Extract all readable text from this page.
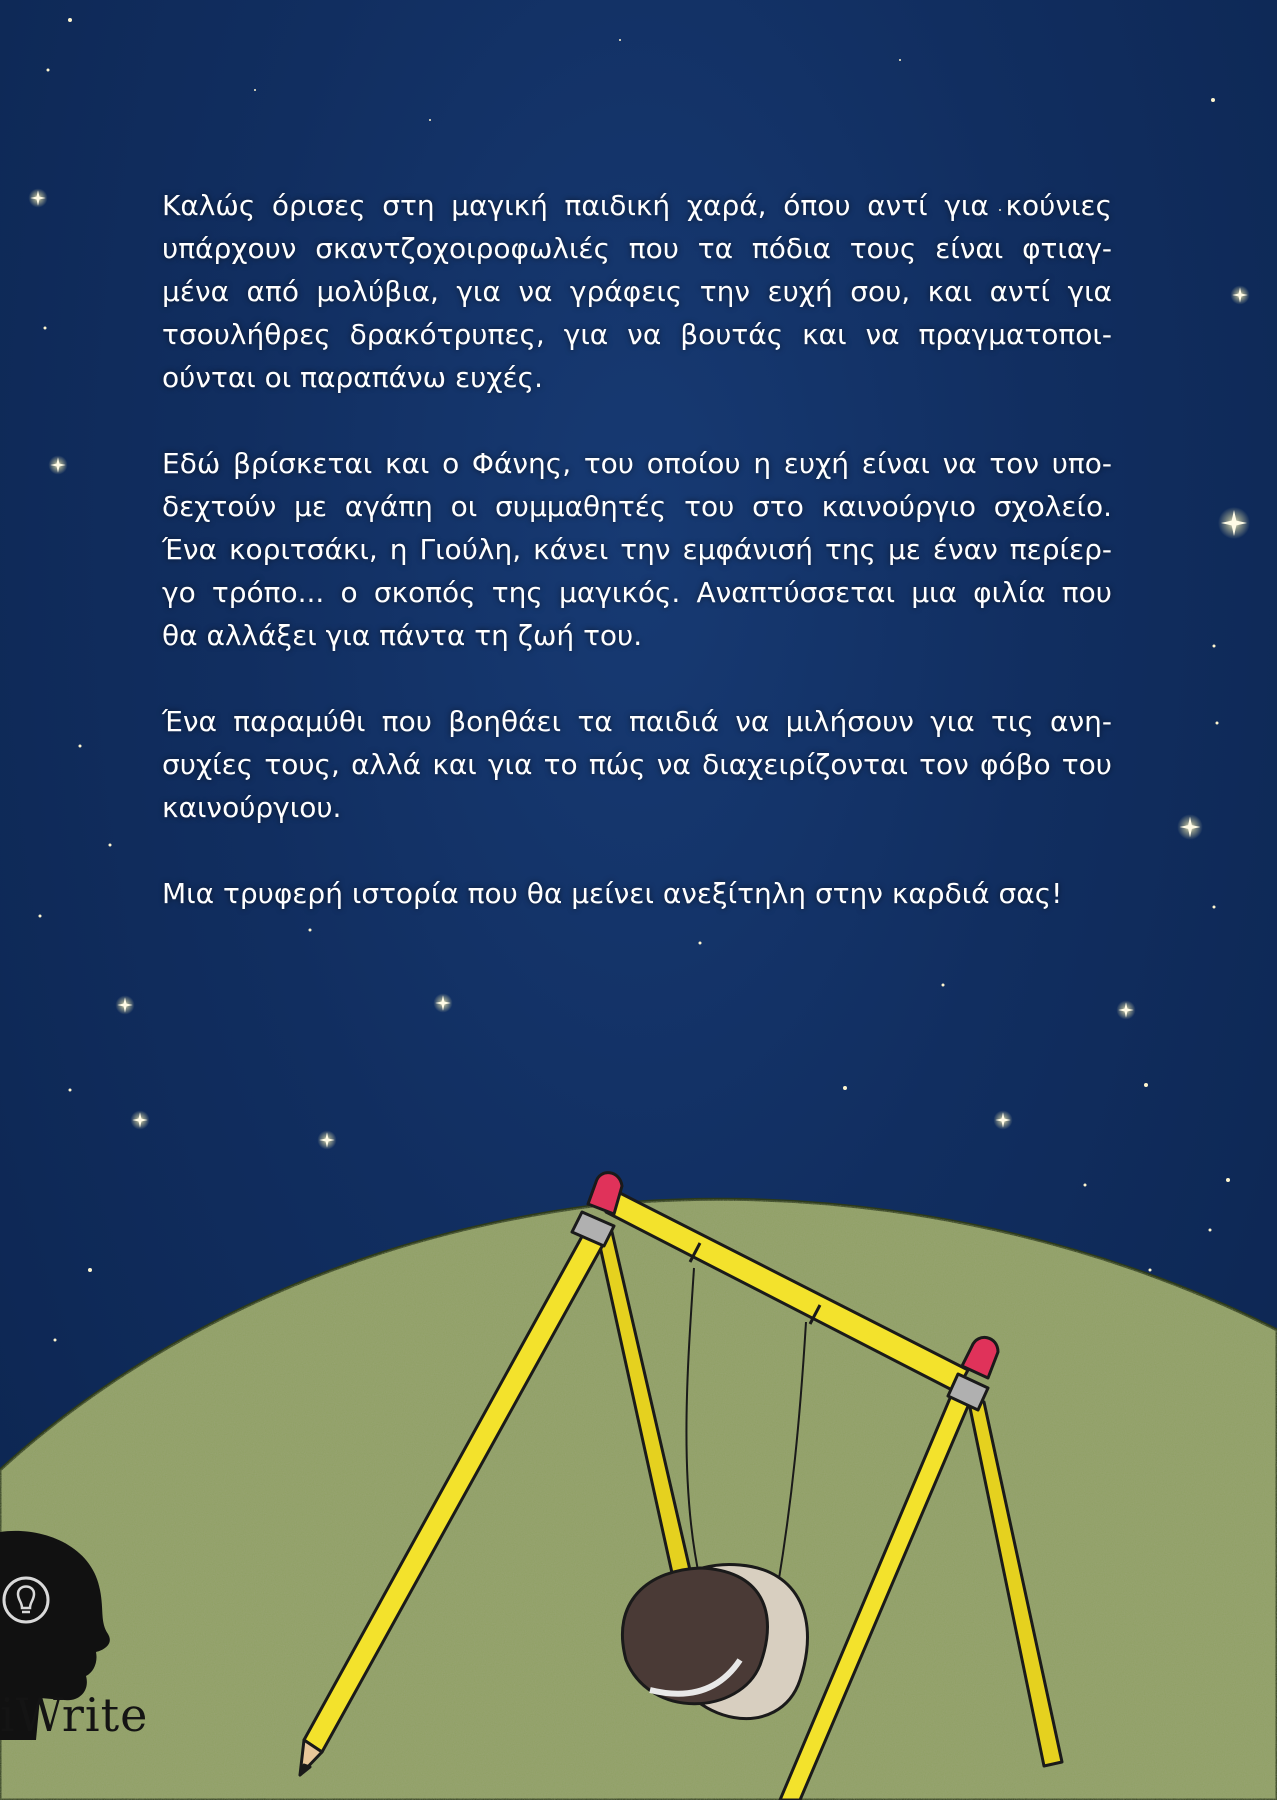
Καλώς όρισες στη μαγική παιδική χαρά, όπου αντί για κούνιες
υπάρχουν σκαντζοχοιροφωλιές που τα πόδια τους είναι φτιαγ-
μένα από μολύβια, για να γράφεις την ευχή σου, και αντί για
τσουλήθρες δρακότρυπες, για να βουτάς και να πραγματοποι-
ούνται οι παραπάνω ευχές.

Εδώ βρίσκεται και ο Φάνης, του οποίου η ευχή είναι να τον υπο-
δεχτούν με αγάπη οι συμμαθητές του στο καινούργιο σχολείο.
Ένα κοριτσάκι, η Γιούλη, κάνει την εμφάνισή της με έναν περίερ-
γο τρόπο... ο σκοπός της μαγικός. Αναπτύσσεται μια φιλία που
θα αλλάξει για πάντα τη ζωή του.

Ένα παραμύθι που βοηθάει τα παιδιά να μιλήσουν για τις ανη-
συχίες τους, αλλά και για το πώς να διαχειρίζονται τον φόβο του
καινούργιου.

Μια τρυφερή ιστορία που θα μείνει ανεξίτηλη στην καρδιά σας!

iWrite
